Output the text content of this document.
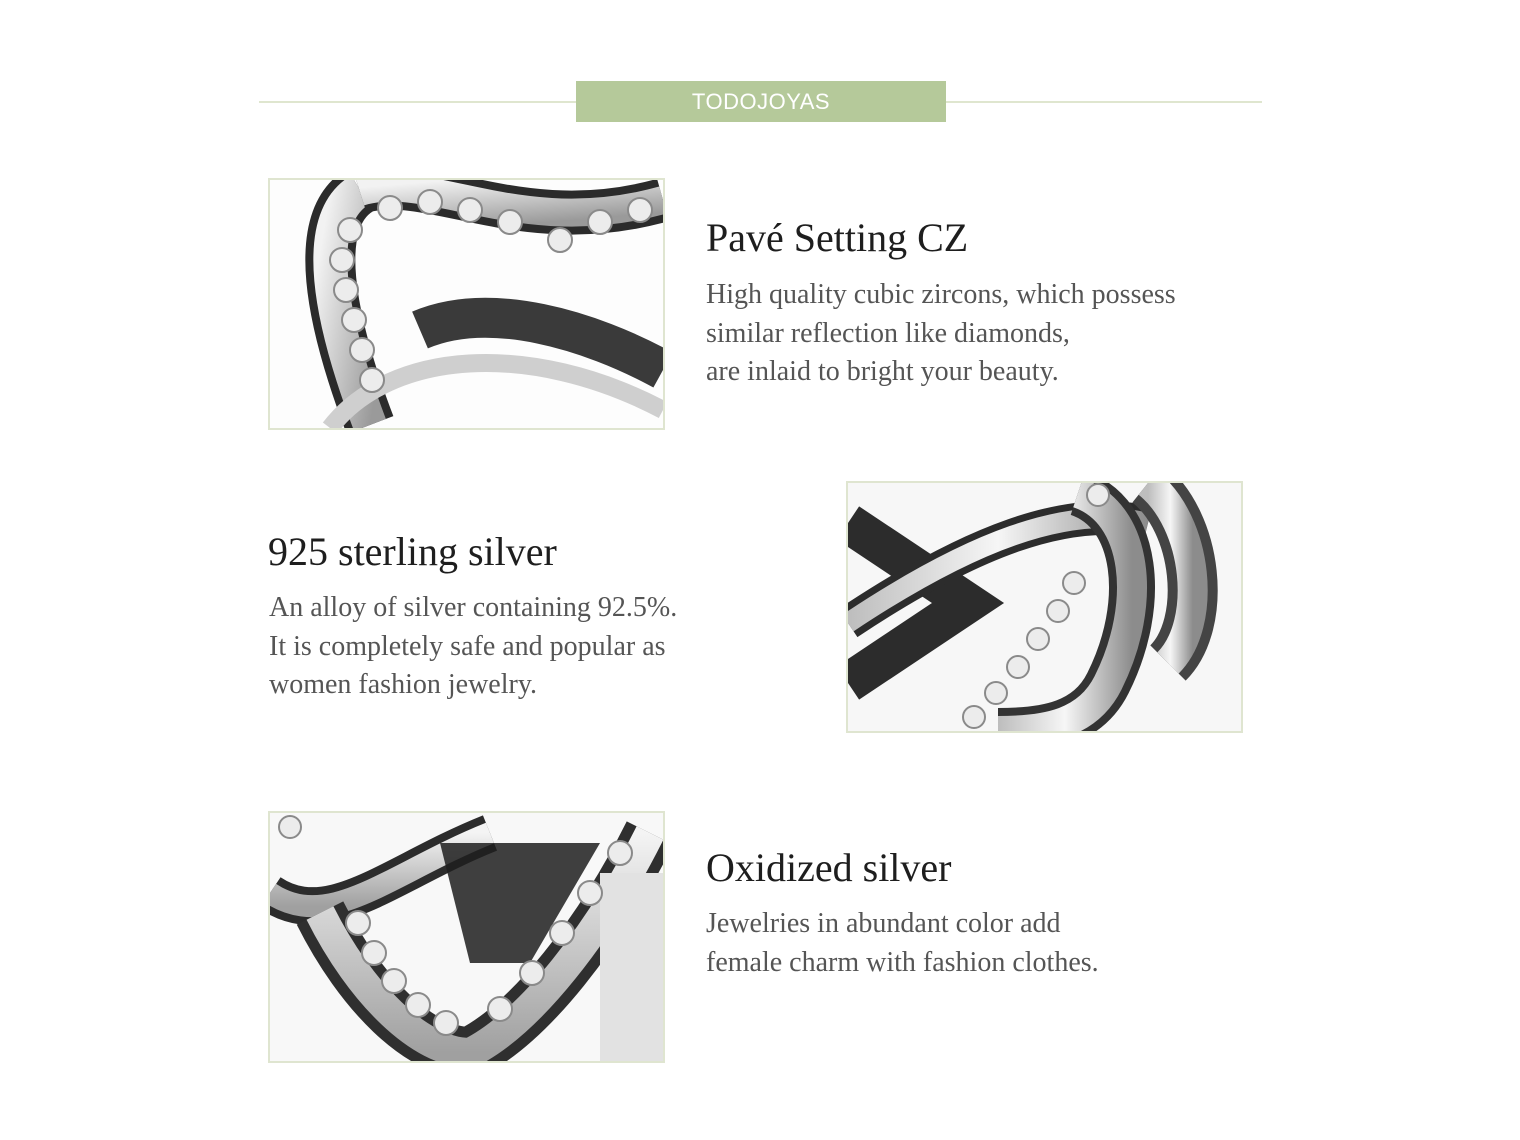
TODOJOYAS
Pavé Setting CZ
High quality cubic zircons, which possess
similar reflection like diamonds,
are inlaid to bright your beauty.
925 sterling silver
An alloy of silver containing 92.5%.
It is completely safe and popular as
women fashion jewelry.
Oxidized silver
Jewelries in abundant color add
female charm with fashion clothes.
